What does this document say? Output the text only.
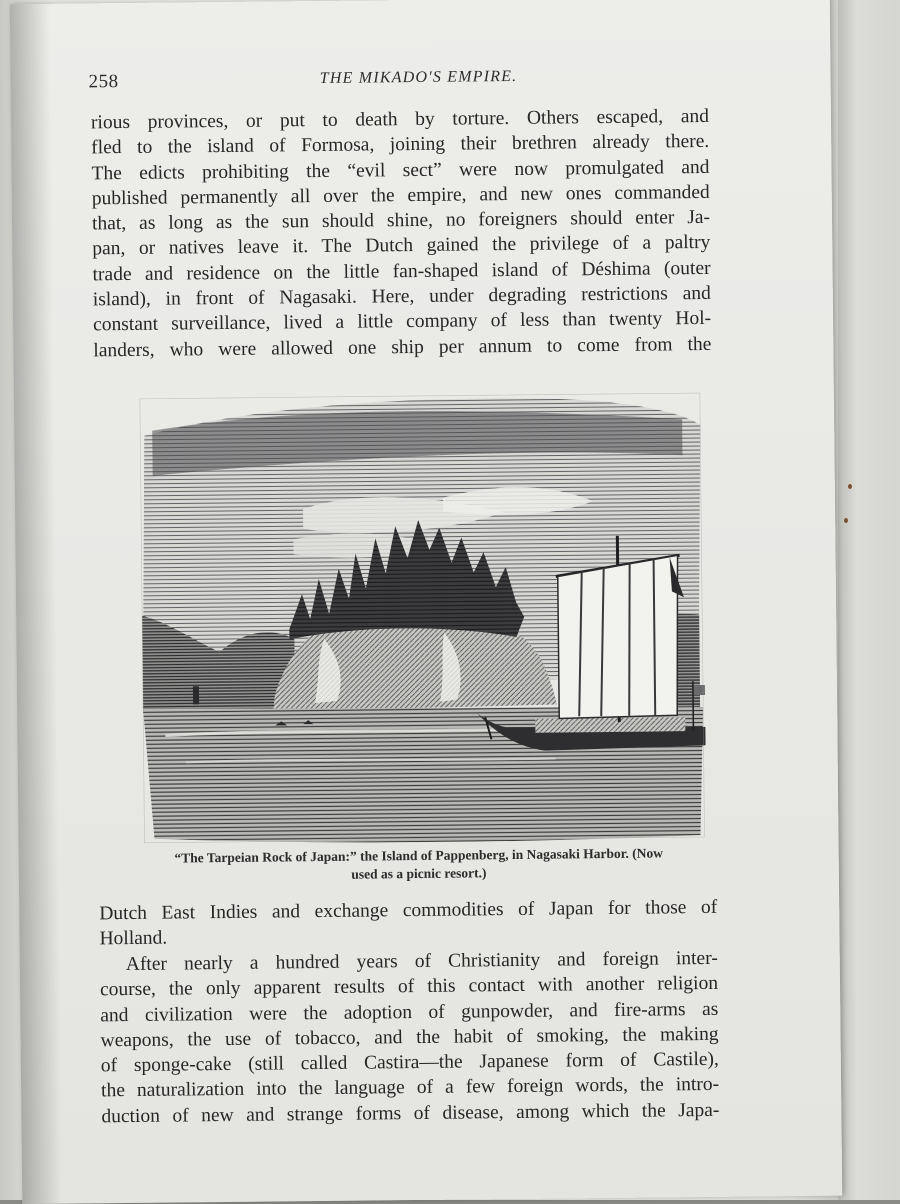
258	THE MIKADO'S EMPIRE.

rious provinces, or put to death by torture. Others escaped, and
fled to the island of Formosa, joining their brethren already there.
The edicts prohibiting the “evil sect” were now promulgated and
published permanently all over the empire, and new ones commanded
that, as long as the sun should shine, no foreigners should enter Ja-
pan, or natives leave it. The Dutch gained the privilege of a paltry
trade and residence on the little fan-shaped island of Déshima (outer
island), in front of Nagasaki. Here, under degrading restrictions and
constant surveillance, lived a little company of less than twenty Hol-
landers, who were allowed one ship per annum to come from the

“The Tarpeian Rock of Japan:” the Island of Pappenberg, in Nagasaki Harbor. (Now
used as a picnic resort.)

Dutch East Indies and exchange commodities of Japan for those of
Holland.

After nearly a hundred years of Christianity and foreign inter-
course, the only apparent results of this contact with another religion
and civilization were the adoption of gunpowder, and fire-arms as
weapons, the use of tobacco, and the habit of smoking, the making
of sponge-cake (still called Castira—the Japanese form of Castile),
the naturalization into the language of a few foreign words, the intro-
duction of new and strange forms of disease, among which the Japa-
